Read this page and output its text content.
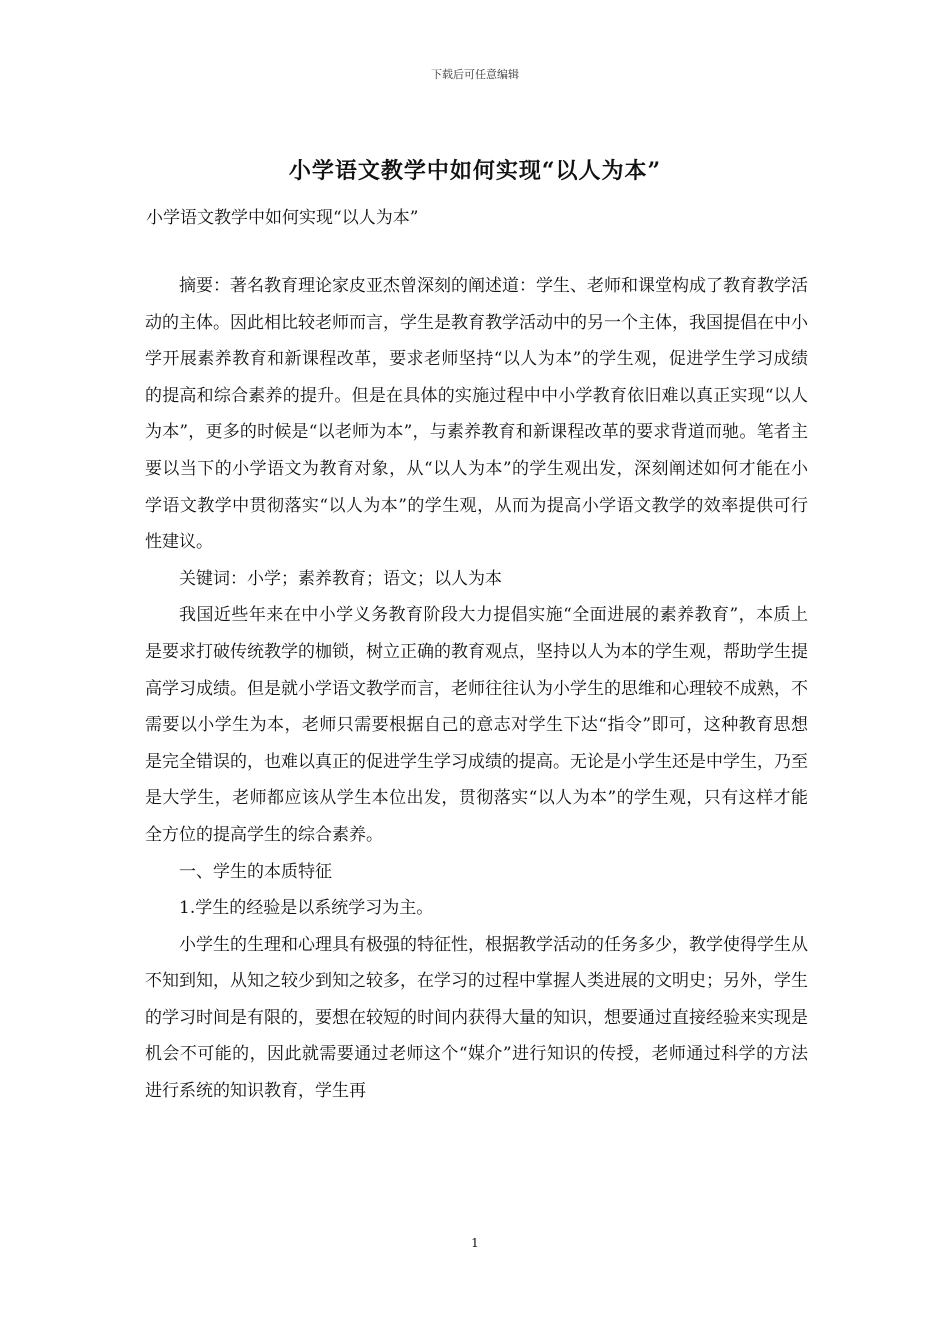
下载后可任意编辑
小学语文教学中如何实现“以人为本”
小学语文教学中如何实现“以人为本”

摘要：著名教育理论家皮亚杰曾深刻的阐述道：学生、老师和课堂构成了教育教学活动的主体。因此相比较老师而言，学生是教育教学活动中的另一个主体，我国提倡在中小学开展素养教育和新课程改革，要求老师坚持“以人为本”的学生观，促进学生学习成绩的提高和综合素养的提升。但是在具体的实施过程中中小学教育依旧难以真正实现“以人为本”，更多的时候是“以老师为本”，与素养教育和新课程改革的要求背道而驰。笔者主要以当下的小学语文为教育对象，从“以人为本”的学生观出发，深刻阐述如何才能在小学语文教学中贯彻落实“以人为本”的学生观，从而为提高小学语文教学的效率提供可行性建议。

关键词：小学；素养教育；语文；以人为本

我国近些年来在中小学义务教育阶段大力提倡实施“全面进展的素养教育”，本质上是要求打破传统教学的枷锁，树立正确的教育观点，坚持以人为本的学生观，帮助学生提高学习成绩。但是就小学语文教学而言，老师往往认为小学生的思维和心理较不成熟，不需要以小学生为本，老师只需要根据自己的意志对学生下达“指令”即可，这种教育思想是完全错误的，也难以真正的促进学生学习成绩的提高。无论是小学生还是中学生，乃至是大学生，老师都应该从学生本位出发，贯彻落实“以人为本”的学生观，只有这样才能全方位的提高学生的综合素养。

一、学生的本质特征

1.学生的经验是以系统学习为主。

小学生的生理和心理具有极强的特征性，根据教学活动的任务多少，教学使得学生从不知到知，从知之较少到知之较多，在学习的过程中掌握人类进展的文明史；另外，学生的学习时间是有限的，要想在较短的时间内获得大量的知识，想要通过直接经验来实现是机会不可能的，因此就需要通过老师这个“媒介”进行知识的传授，老师通过科学的方法进行系统的知识教育，学生再

1
